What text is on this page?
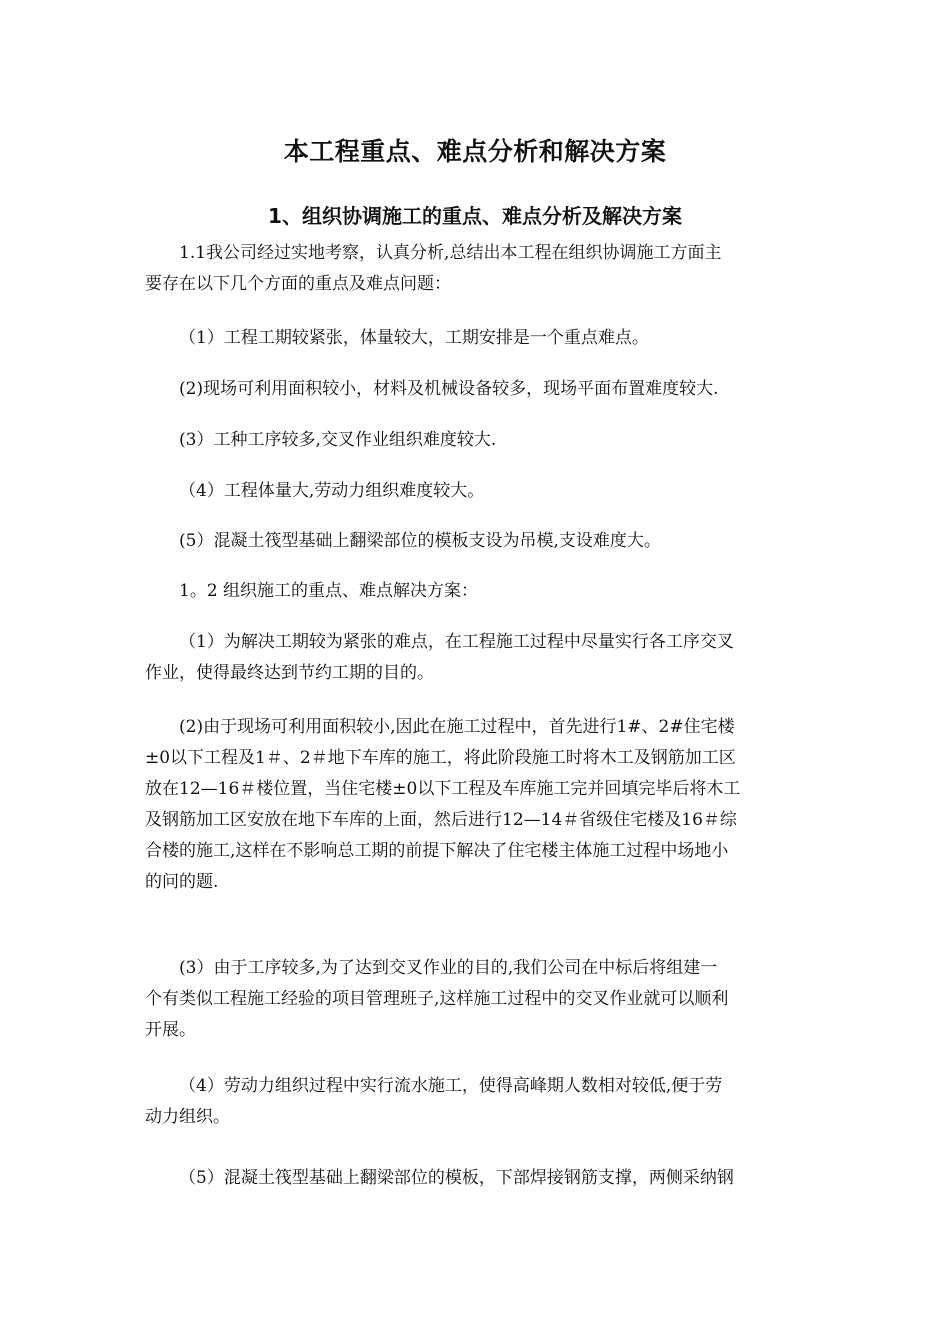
本工程重点、难点分析和解决方案
1、组织协调施工的重点、难点分析及解决方案
1.1我公司经过实地考察，认真分析,总结出本工程在组织协调施工方面主
要存在以下几个方面的重点及难点问题：
（1）工程工期较紧张，体量较大，工期安排是一个重点难点。
(2)现场可利用面积较小，材料及机械设备较多，现场平面布置难度较大.
(3）工种工序较多,交叉作业组织难度较大.
（4）工程体量大,劳动力组织难度较大。
(5）混凝土筏型基础上翻梁部位的模板支设为吊模,支设难度大。
1。2 组织施工的重点、难点解决方案：
（1）为解决工期较为紧张的难点，在工程施工过程中尽量实行各工序交叉
作业，使得最终达到节约工期的目的。
(2)由于现场可利用面积较小,因此在施工过程中，首先进行1#、2#住宅楼
±0以下工程及1＃、2＃地下车库的施工，将此阶段施工时将木工及钢筋加工区
放在12—16＃楼位置，当住宅楼±0以下工程及车库施工完并回填完毕后将木工
及钢筋加工区安放在地下车库的上面，然后进行12—14＃省级住宅楼及16＃综
合楼的施工,这样在不影响总工期的前提下解决了住宅楼主体施工过程中场地小
的问的题.
(3）由于工序较多,为了达到交叉作业的目的,我们公司在中标后将组建一
个有类似工程施工经验的项目管理班子,这样施工过程中的交叉作业就可以顺利
开展。
（4）劳动力组织过程中实行流水施工，使得高峰期人数相对较低,便于劳
动力组织。
（5）混凝土筏型基础上翻梁部位的模板，下部焊接钢筋支撑，两侧采纳钢
